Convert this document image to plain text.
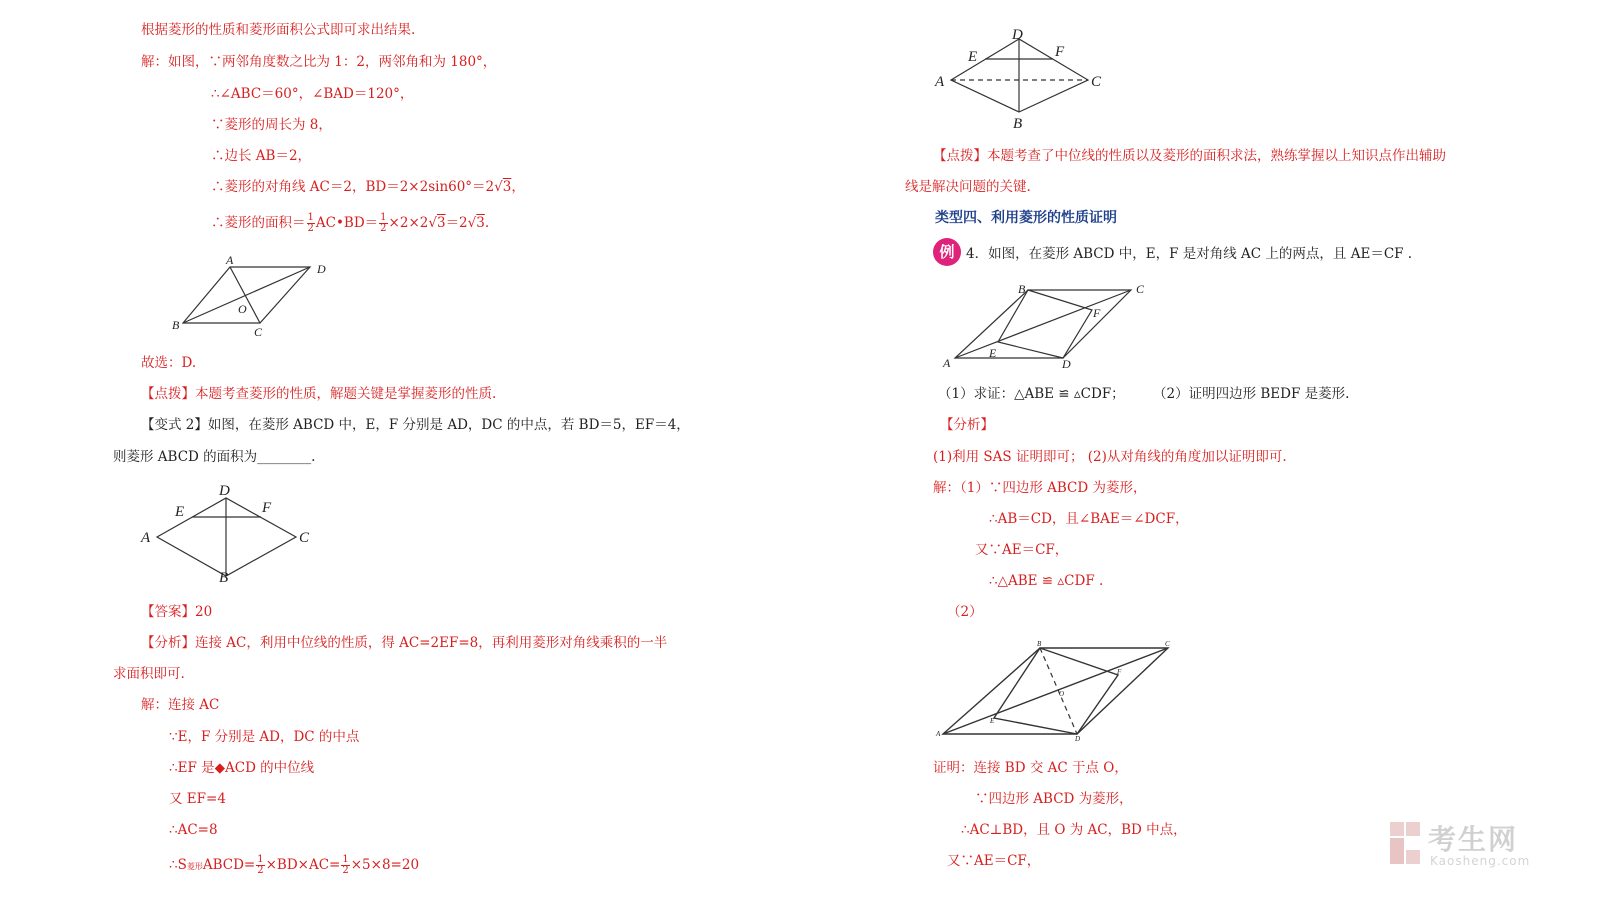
根据菱形的性质和菱形面积公式即可求出结果.
解：如图，∵两邻角度数之比为 1：2，两邻角和为 180°，
∴∠ABC＝60°，∠BAD＝120°，
∵菱形的周长为 8，
∴边长 AB＝2，
∴菱形的对角线 AC＝2，BD＝2×2sin60°＝2√3，
∴菱形的面积＝ $\frac{1}{2}$ AC•BD＝ $\frac{1}{2} \times 2\times 2√3=2√3$.
A
D
B	C
O
故选：D.
【点拨】本题考查菱形的性质，解题关键是掌握菱形的性质.
【变式 2】如图，在菱形 ABCD 中，E，F 分别是 AD，DC 的中点，若 BD＝5，EF＝4，
则菱形 ABCD 的面积为________.
D
E	F
A	C
B
【答案】20
【分析】连接 AC，利用中位线的性质，得 AC=2EF=8，再利用菱形对角线乘积的一半
求面积即可.
解：连接 AC
∵E，F 分别是 AD，DC 的中点
∴EF 是◆ACD 的中位线
又 EF=4
∴AC=8
∴S菱形ABCD= $\frac{1}{2} \times BD\times AC= \frac{1}{2} \times 5\times 8=20$
D
E	F
A	C
B
【点拨】本题考查了中位线的性质以及菱形的面积求法，熟练掌握以上知识点作出辅助
线是解决问题的关键.
类型四、利用菱形的性质证明
例 4．如图，在菱形 ABCD 中，E，F 是对角线 AC 上的两点，且 AE＝CF .
B	C
F
E
A	D
（1）求证：△ABE ≌ ▵CDF； （2）证明四边形 BEDF 是菱形.
【分析】
(1)利用 SAS 证明即可； (2)从对角线的角度加以证明即可.
解：（1）∵四边形 ABCD 为菱形，
∴AB＝CD，且∠BAE＝∠DCF，
又∵AE＝CF，
∴△ABE ≌ ▵CDF .
（2）
B	C
F
O
E
A
D
证明：连接 BD 交 AC 于点 O，
∵四边形 ABCD 为菱形，
∴AC⊥BD，且 O 为 AC，BD 中点，
又∵AE＝CF，
考生网
Kaosheng.com
